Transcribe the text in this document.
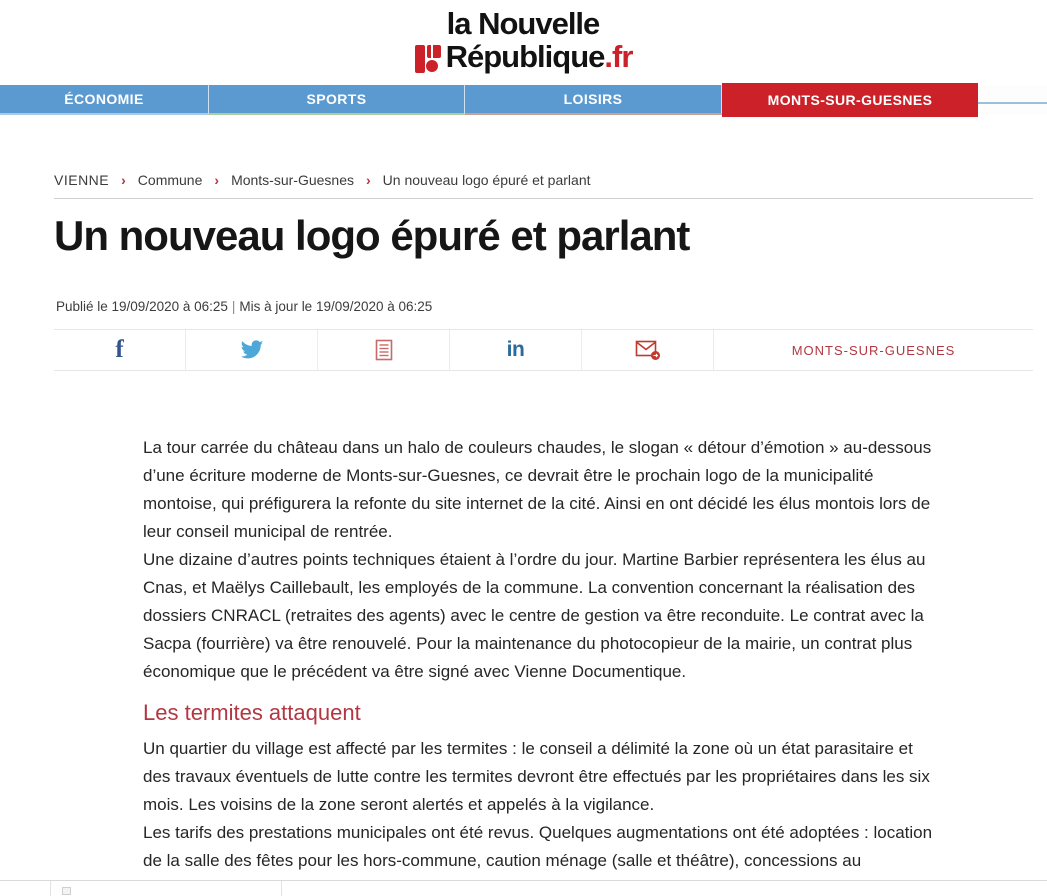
la Nouvelle
République .fr
ÉCONOMIE	SPORTS	LOISIRS	MONTS-SUR-GUESNES
VIENNE › Commune › Monts-sur-Guesnes › Un nouveau logo épuré et parlant
Un nouveau logo épuré et parlant
Publié le 19/09/2020 à 06:25 | Mis à jour le 19/09/2020 à 06:25
f	in	MONTS-SUR-GUESNES

La tour carrée du château dans un halo de couleurs chaudes, le slogan « détour d’émotion » au-dessous d’une écriture moderne de Monts-sur-Guesnes, ce devrait être le prochain logo de la municipalité montoise, qui préfigurera la refonte du site internet de la cité. Ainsi en ont décidé les élus montois lors de leur conseil municipal de rentrée.

Une dizaine d’autres points techniques étaient à l’ordre du jour. Martine Barbier représentera les élus au Cnas, et Maëlys Caillebault, les employés de la commune. La convention concernant la réalisation des dossiers CNRACL (retraites des agents) avec le centre de gestion va être reconduite. Le contrat avec la Sacpa (fourrière) va être renouvelé. Pour la maintenance du photocopieur de la mairie, un contrat plus économique que le précédent va être signé avec Vienne Documentique.

Les termites attaquent

Un quartier du village est affecté par les termites : le conseil a délimité la zone où un état parasitaire et des travaux éventuels de lutte contre les termites devront être effectués par les propriétaires dans les six mois. Les voisins de la zone seront alertés et appelés à la vigilance.

Les tarifs des prestations municipales ont été revus. Quelques augmentations ont été adoptées : location de la salle des fêtes pour les hors-commune, caution ménage (salle et théâtre), concessions au
